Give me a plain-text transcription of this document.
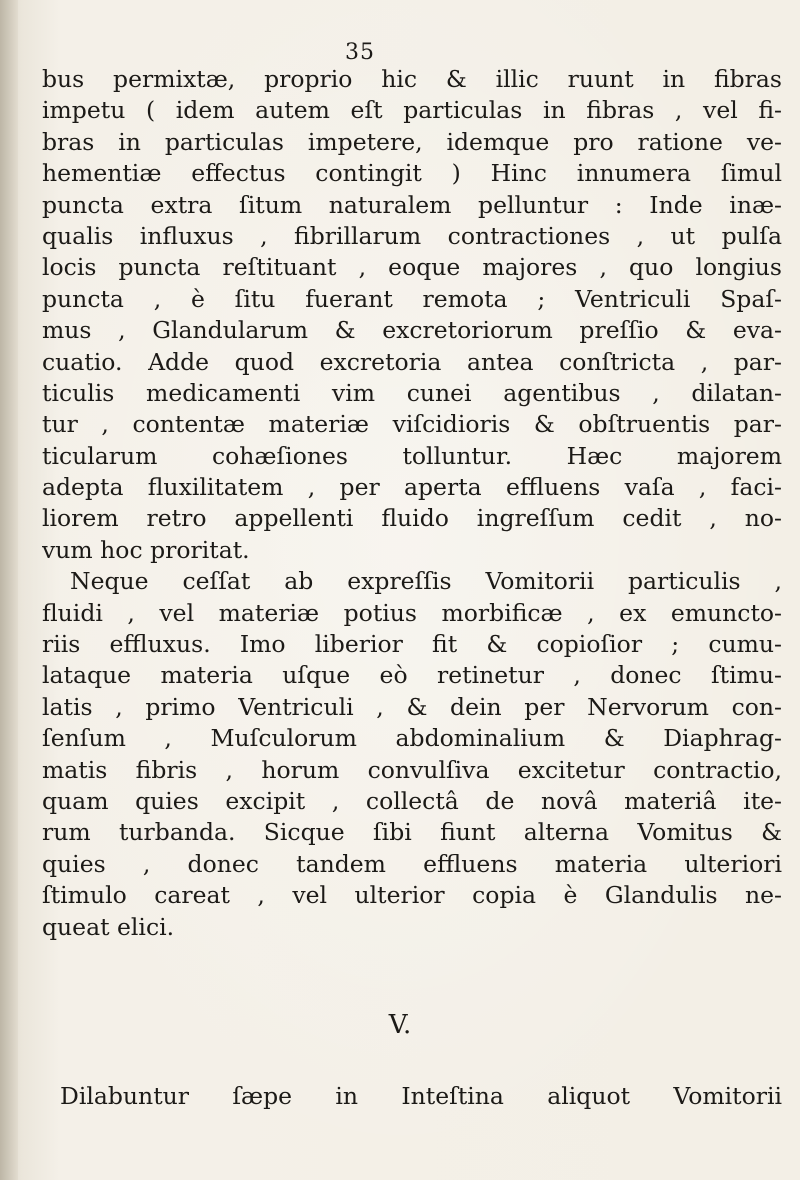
35
bus permixtæ, proprio hic & illic ruunt in fibras
impetu ( idem autem eſt particulas in fibras , vel fi-
bras in particulas impetere, idemque pro ratione ve-
hementiæ effectus contingit ) Hinc innumera ſimul
puncta extra ſitum naturalem pelluntur : Inde inæ-
qualis influxus , fibrillarum contractiones , ut pulſa
locis puncta reſtituant , eoque majores , quo longius
puncta , è ſitu fuerant remota ; Ventriculi Spaſ-
mus , Glandularum & excretoriorum preſſio & eva-
cuatio. Adde quod excretoria antea conſtricta , par-
ticulis medicamenti vim cunei agentibus , dilatan-
tur , contentæ materiæ viſcidioris & obſtruentis par-
ticularum cohæſiones tolluntur. Hæc majorem
adepta fluxilitatem , per aperta effluens vaſa , faci-
liorem retro appellenti fluido ingreſſum cedit , no-
vum hoc proritat.
Neque ceſſat ab expreſſis Vomitorii particulis ,
fluidi , vel materiæ potius morbificæ , ex emuncto-
riis effluxus. Imo liberior fit & copioſior ; cumu-
lataque materia uſque eò retinetur , donec ſtimu-
latis , primo Ventriculi , & dein per Nervorum con-
ſenſum , Muſculorum abdominalium & Diaphrag-
matis fibris , horum convulſiva excitetur contractio,
quam quies excipit , collectâ de novâ materiâ ite-
rum turbanda. Sicque ſibi fiunt alterna Vomitus &
quies , donec tandem effluens materia ulteriori
ſtimulo careat , vel ulterior copia è Glandulis ne-
queat elici.
V.
Dilabuntur ſæpe in Inteſtina aliquot Vomitorii
